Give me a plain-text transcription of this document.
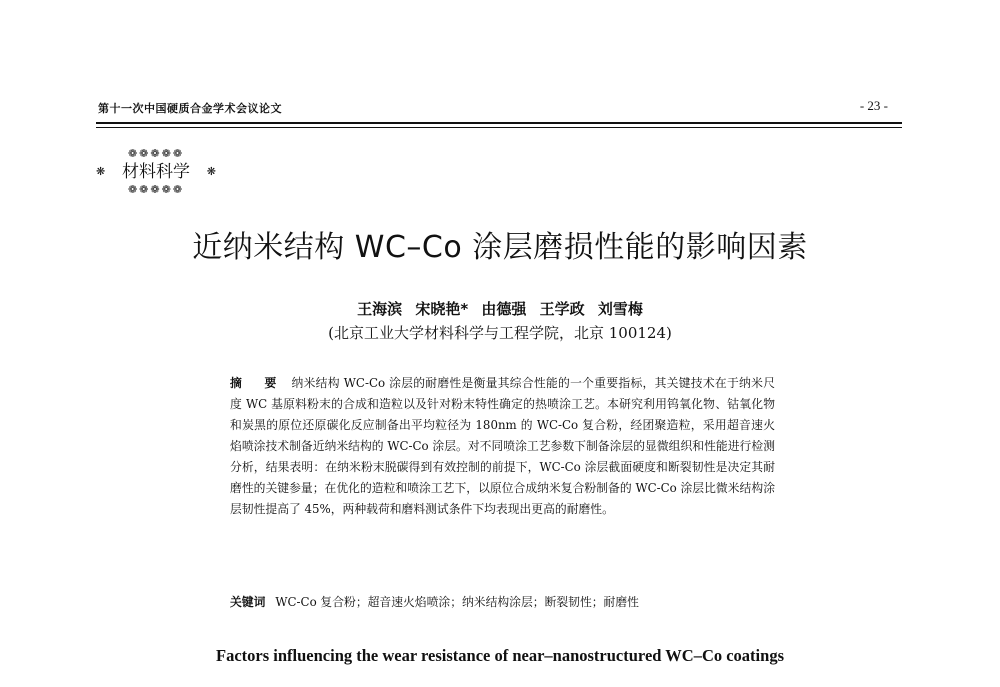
第十一次中国硬质合金学术会议论文	- 23 -
❁❁❁❁❁
❋ 材料科学	❋
❁❁❁❁❁
近纳米结构 WC–Co 涂层磨损性能的影响因素
王海滨 宋晓艳* 由德强 王学政 刘雪梅
(北京工业大学材料科学与工程学院，北京 100124)
摘 要 纳米结构 WC-Co 涂层的耐磨性是衡量其综合性能的一个重要指标，其关键技术在于纳米尺度 WC 基原料粉末的合成和造粒以及针对粉末特性确定的热喷涂工艺。本研究利用钨氧化物、钴氧化物和炭黑的原位还原碳化反应制备出平均粒径为 180nm 的 WC-Co 复合粉，经团聚造粒，采用超音速火焰喷涂技术制备近纳米结构的 WC-Co 涂层。对不同喷涂工艺参数下制备涂层的显微组织和性能进行检测分析，结果表明：在纳米粉末脱碳得到有效控制的前提下，WC-Co 涂层截面硬度和断裂韧性是决定其耐磨性的关键参量；在优化的造粒和喷涂工艺下，以原位合成纳米复合粉制备的 WC-Co 涂层比微米结构涂层韧性提高了 45%，两种载荷和磨料测试条件下均表现出更高的耐磨性。
关键词 WC-Co 复合粉；超音速火焰喷涂；纳米结构涂层；断裂韧性；耐磨性
Factors influencing the wear resistance of near–nanostructured WC–Co coatings
